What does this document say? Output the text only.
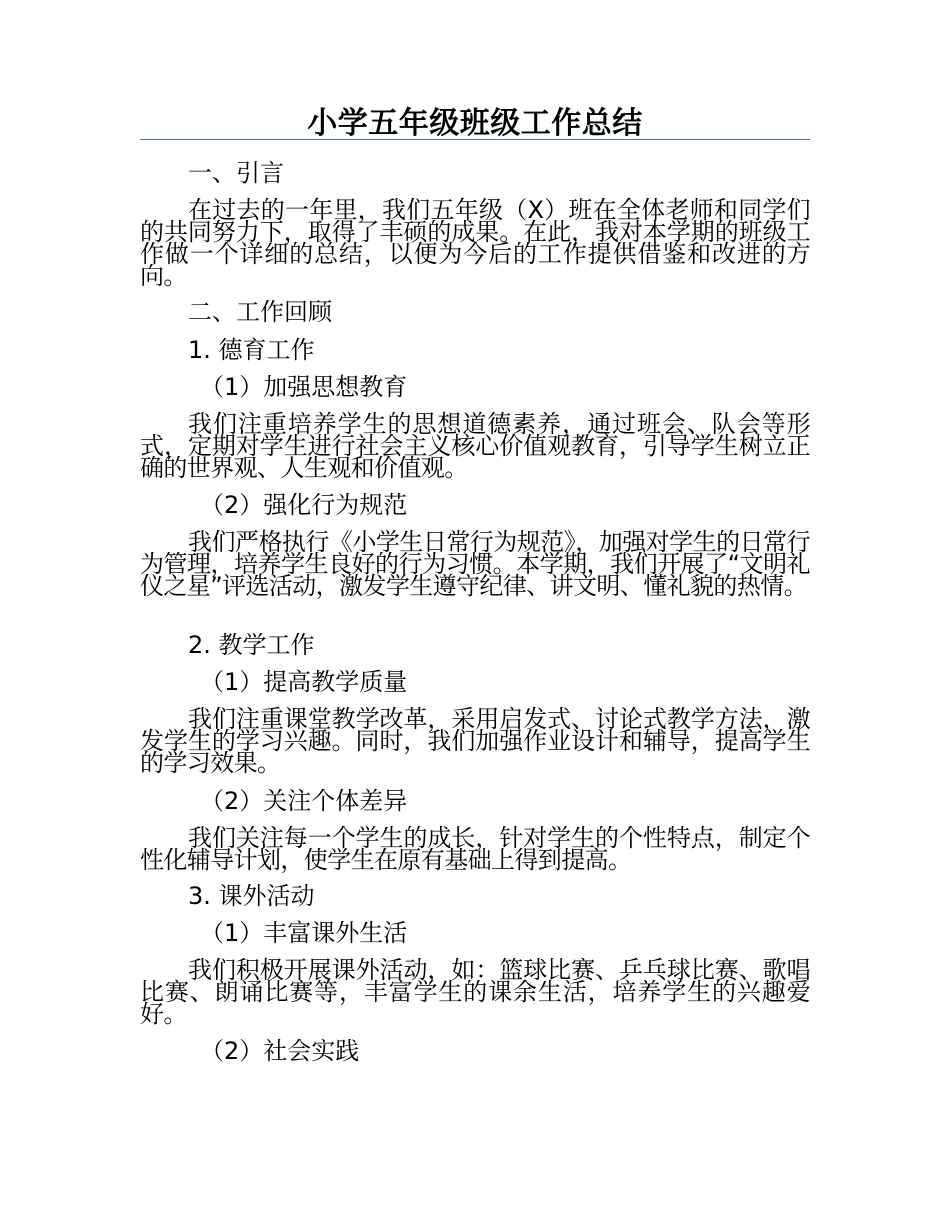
小学五年级班级工作总结

一、引言

在过去的一年里，我们五年级（X）班在全体老师和同学们的共同努力下，取得了丰硕的成果。在此，我对本学期的班级工作做一个详细的总结，以便为今后的工作提供借鉴和改进的方向。

二、工作回顾

1. 德育工作

（1）加强思想教育

我们注重培养学生的思想道德素养，通过班会、队会等形式，定期对学生进行社会主义核心价值观教育，引导学生树立正确的世界观、人生观和价值观。

（2）强化行为规范

我们严格执行《小学生日常行为规范》，加强对学生的日常行为管理，培养学生良好的行为习惯。本学期，我们开展了“文明礼仪之星”评选活动，激发学生遵守纪律、讲文明、懂礼貌的热情。

2. 教学工作

（1）提高教学质量

我们注重课堂教学改革，采用启发式、讨论式教学方法，激发学生的学习兴趣。同时，我们加强作业设计和辅导，提高学生的学习效果。

（2）关注个体差异

我们关注每一个学生的成长，针对学生的个性特点，制定个性化辅导计划，使学生在原有基础上得到提高。

3. 课外活动

（1）丰富课外生活

我们积极开展课外活动，如：篮球比赛、乒乓球比赛、歌唱比赛、朗诵比赛等，丰富学生的课余生活，培养学生的兴趣爱好。

（2）社会实践
